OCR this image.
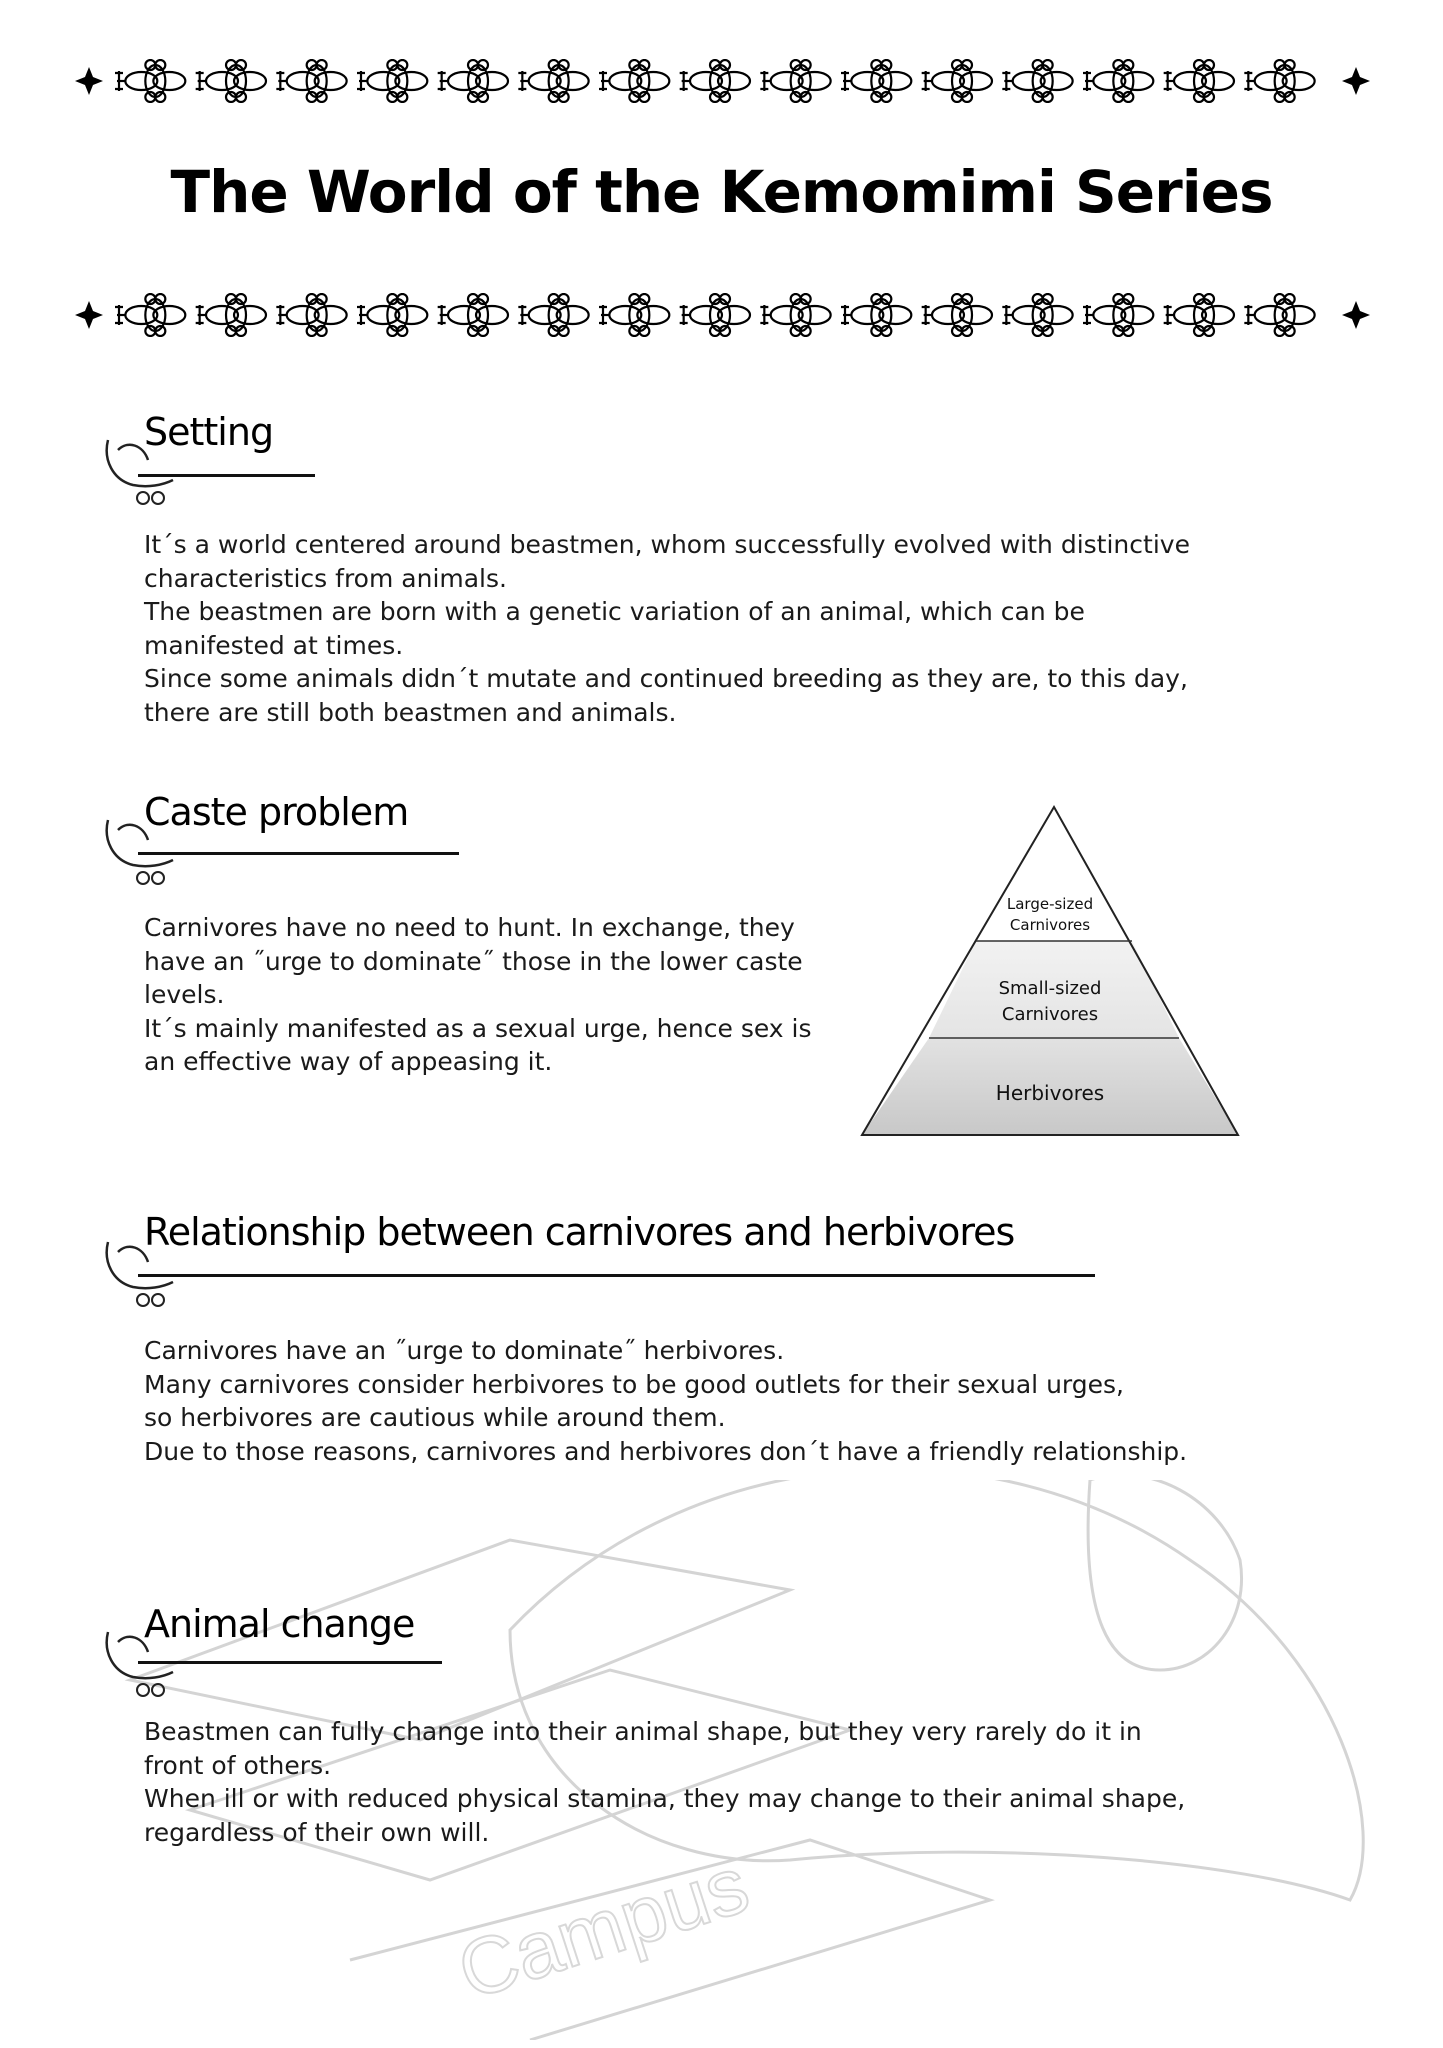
The World of the Kemomimi Series
Campus
Setting
It´s a world centered around beastmen, whom successfully evolved with distinctive
characteristics from animals.
The beastmen are born with a genetic variation of an animal, which can be
manifested at times.
Since some animals didn´t mutate and continued breeding as they are, to this day,
there are still both beastmen and animals.
Caste problem
Carnivores have no need to hunt. In exchange, they
have an ˝urge to dominate˝ those in the lower caste
levels.
It´s mainly manifested as a sexual urge, hence sex is
an effective way of appeasing it.
Large-sized
Carnivores
Small-sized
Carnivores
Herbivores
Relationship between carnivores and herbivores
Carnivores have an ˝urge to dominate˝ herbivores.
Many carnivores consider herbivores to be good outlets for their sexual urges,
so herbivores are cautious while around them.
Due to those reasons, carnivores and herbivores don´t have a friendly relationship.
Animal change
Beastmen can fully change into their animal shape, but they very rarely do it in
front of others.
When ill or with reduced physical stamina, they may change to their animal shape,
regardless of their own will.
